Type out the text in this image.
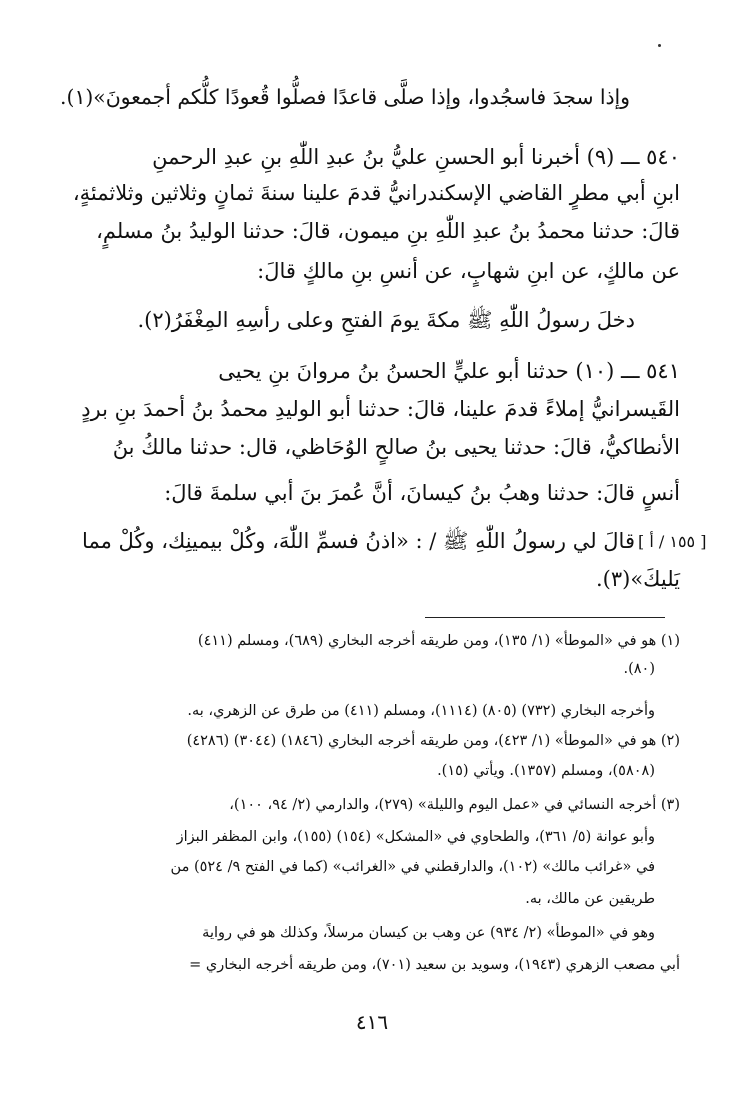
وإذا سجدَ فاسجُدوا، وإذا صلَّى قاعدًا فصلُّوا قُعودًا كلُّكم أجمعونَ»(١).
٥٤٠ ـــ (٩) أخبرنا أبو الحسنِ عليُّ بنُ عبدِ اللّٰهِ بنِ عبدِ الرحمنِ
ابنِ أبي مطرٍ القاضي الإسكندرانيُّ قدمَ علينا سنةَ ثمانٍ وثلاثين وثلاثمئةٍ،
قالَ: حدثنا محمدُ بنُ عبدِ اللّٰهِ بنِ ميمون، قالَ: حدثنا الوليدُ بنُ مسلمٍ،
عن مالكٍ، عن ابنِ شهابٍ، عن أنسِ بنِ مالكٍ قالَ:
دخلَ رسولُ اللّٰهِ ﷺ مكةَ يومَ الفتحِ وعلى رأسِهِ المِغْفَرُ(٢).
٥٤١ ـــ (١٠) حدثنا أبو عليٍّ الحسنُ بنُ مروانَ بنِ يحيى
القَيسرانيُّ إملاءً قدمَ علينا، قالَ: حدثنا أبو الوليدِ محمدُ بنُ أحمدَ بنِ بردٍ
الأنطاكيُّ، قالَ: حدثنا يحيى بنُ صالحٍ الوُحَاظي، قال: حدثنا مالكُ بنُ
أنسٍ قالَ: حدثنا وهبُ بنُ كيسانَ، أنَّ عُمرَ بنَ أبي سلمةَ قالَ:
قالَ لي رسولُ اللّٰهِ ﷺ / : «اذنُ فسمِّ اللّٰهَ، وكُلْ بيمينِك، وكُلْ مما
يَليكَ»(٣).
[ ١٥٥ / أ ]
(١) هو في «الموطأ» (١/ ١٣٥)، ومن طريقه أخرجه البخاري (٦٨٩)، ومسلم (٤١١)
(٨٠).
وأخرجه البخاري (٧٣٢) (٨٠٥) (١١١٤)، ومسلم (٤١١) من طرق عن الزهري، به.
(٢) هو في «الموطأ» (١/ ٤٢٣)، ومن طريقه أخرجه البخاري (١٨٤٦) (٣٠٤٤) (٤٢٨٦)
(٥٨٠٨)، ومسلم (١٣٥٧). ويأتي (١٥).
(٣) أخرجه النسائي في «عمل اليوم والليلة» (٢٧٩)، والدارمي (٢/ ٩٤، ١٠٠)،
وأبو عوانة (٥/ ٣٦١)، والطحاوي في «المشكل» (١٥٤) (١٥٥)، وابن المظفر البزاز
في «غرائب مالك» (١٠٢)، والدارقطني في «الغرائب» (كما في الفتح ٩/ ٥٢٤) من
طريقين عن مالك، به.
وهو في «الموطأ» (٢/ ٩٣٤) عن وهب بن كيسان مرسلاً، وكذلك هو في رواية
أبي مصعب الزهري (١٩٤٣)، وسويد بن سعيد (٧٠١)، ومن طريقه أخرجه البخاري =
٤١٦
